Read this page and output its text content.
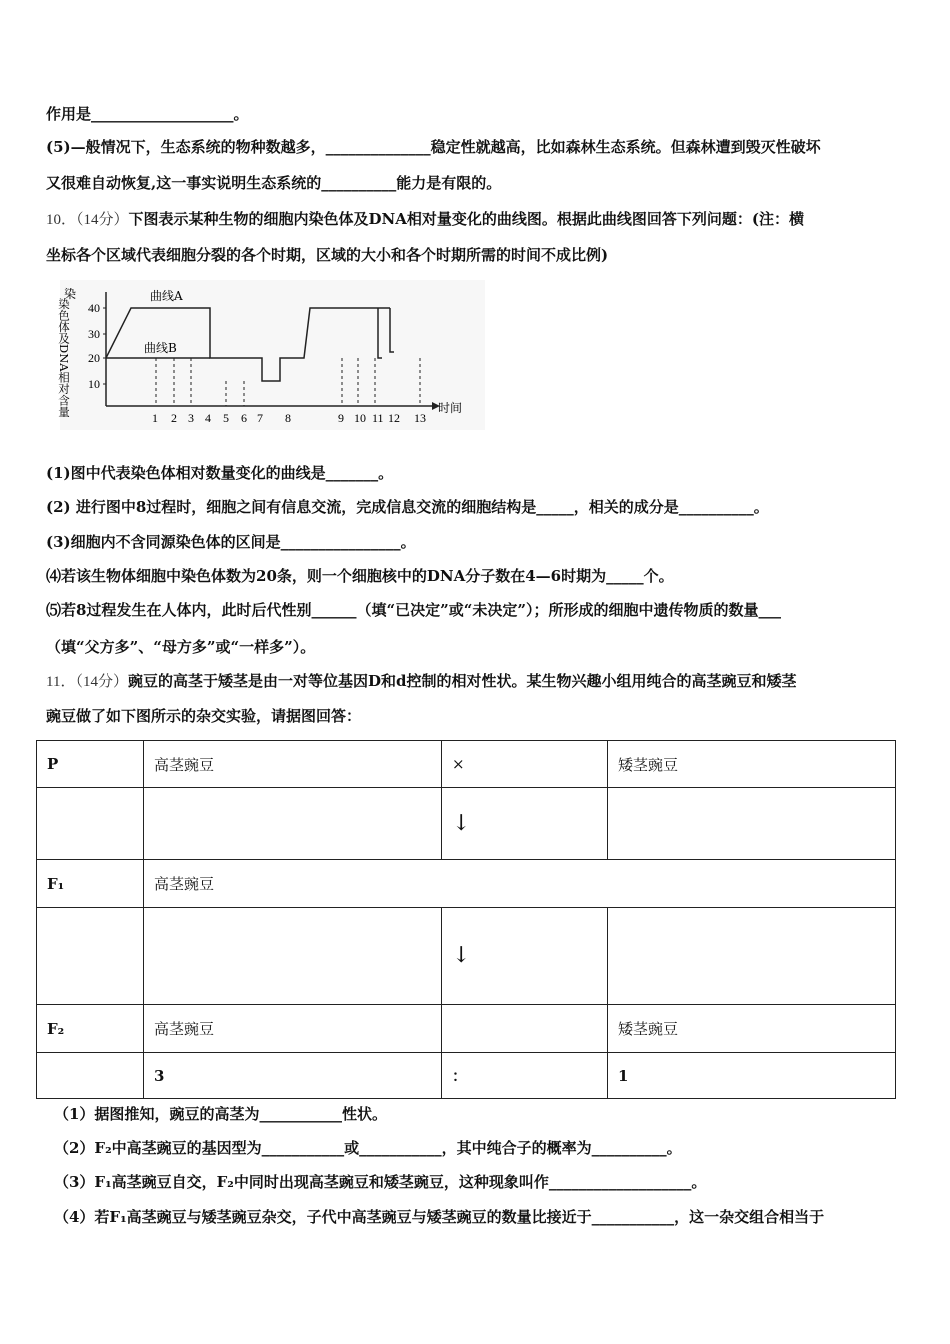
作用是___________________。
(5)—般情况下，生态系统的物种数越多，______________稳定性就越高，比如森林生态系统。但森林遭到毁灭性破坏
又很难自动恢复,这一事实说明生态系统的__________能力是有限的。
10．（14分）下图表示某种生物的细胞内染色体及DNA相对量变化的曲线图。根据此曲线图回答下列问题：(注：横
坐标各个区域代表细胞分裂的各个时期，区域的大小和各个时期所需的时间不成比例)
染
染色体及DNA相对含量	时间
40
30
20
10
曲线A
曲线B
1 2 3 4 5 6 7 8	9 10 11 12 13
(1)图中代表染色体相对数量变化的曲线是_______。
(2) 进行图中8过程时，细胞之间有信息交流，完成信息交流的细胞结构是_____，相关的成分是__________。
(3)细胞内不含同源染色体的区间是________________。
⑷若该生物体细胞中染色体数为20条，则一个细胞核中的DNA分子数在4—6时期为_____个。
⑸若8过程发生在人体内，此时后代性别______（填“已决定”或“未决定”）；所形成的细胞中遗传物质的数量___
（填“父方多”、“母方多”或“一样多”）。
11．（14分）豌豆的高茎于矮茎是由一对等位基因D和d控制的相对性状。某生物兴趣小组用纯合的高茎豌豆和矮茎
豌豆做了如下图所示的杂交实验，请据图回答：
P	高茎豌豆	×	矮茎豌豆
		↓	
F₁	高茎豌豆		
		↓	
F₂	高茎豌豆		矮茎豌豆
	3	：	1
（1）据图推知，豌豆的高茎为___________性状。
（2）F₂中高茎豌豆的基因型为___________或___________，其中纯合子的概率为__________。
（3）F₁高茎豌豆自交，F₂中同时出现高茎豌豆和矮茎豌豆，这种现象叫作___________________。
（4）若F₁高茎豌豆与矮茎豌豆杂交，子代中高茎豌豆与矮茎豌豆的数量比接近于___________，这一杂交组合相当于
